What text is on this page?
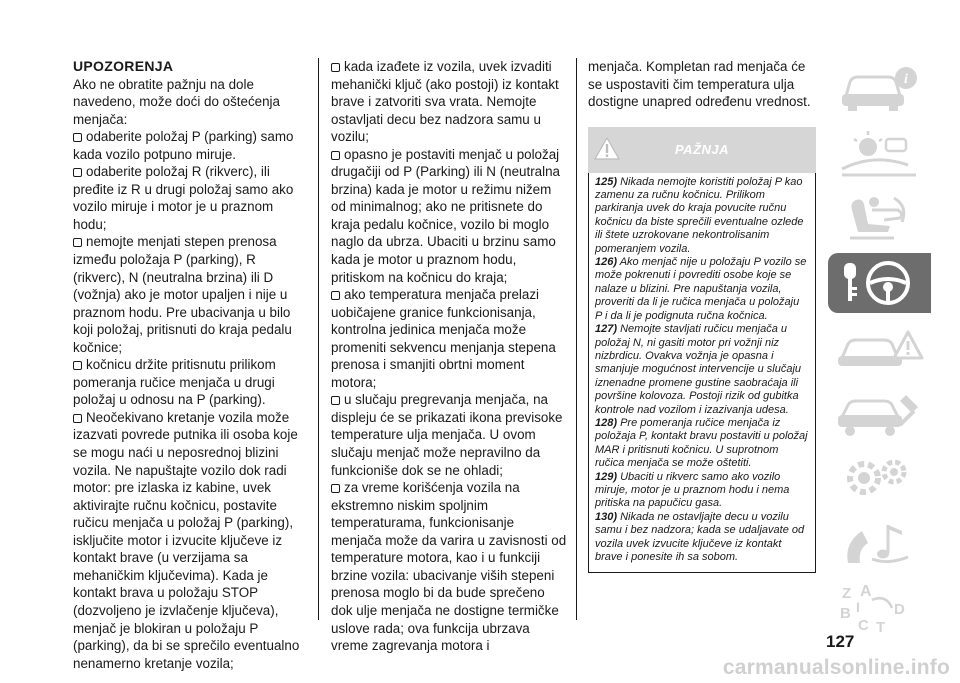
UPOZORENJA

Ako ne obratite pažnju na dole navedeno, može doći do oštećenja menjača:

odaberite položaj P (parking) samo kada vozilo potpuno miruje.

odaberite položaj R (rikverc), ili pređite iz R u drugi položaj samo ako vozilo miruje i motor je u praznom hodu;

nemojte menjati stepen prenosa između položaja P (parking), R (rikverc), N (neutralna brzina) ili D (vožnja) ako je motor upaljen i nije u praznom hodu. Pre ubacivanja u bilo koji položaj, pritisnuti do kraja pedalu kočnice;

kočnicu držite pritisnutu prilikom pomeranja ručice menjača u drugi položaj u odnosu na P (parking).

Neočekivano kretanje vozila može izazvati povrede putnika ili osoba koje se mogu naći u neposrednoj blizini vozila. Ne napuštajte vozilo dok radi motor: pre izlaska iz kabine, uvek aktivirajte ručnu kočnicu, postavite ručicu menjača u položaj P (parking), isključite motor i izvucite ključeve iz kontakt brave (u verzijama sa mehaničkim ključevima). Kada je kontakt brava u položaju STOP (dozvoljeno je izvlačenje ključeva), menjač je blokiran u položaju P (parking), da bi se sprečilo eventualno nenamerno kretanje vozila;

kada izađete iz vozila, uvek izvaditi mehanički ključ (ako postoji) iz kontakt brave i zatvoriti sva vrata. Nemojte ostavljati decu bez nadzora samu u vozilu;

opasno je postaviti menjač u položaj drugačiji od P (Parking) ili N (neutralna brzina) kada je motor u režimu nižem od minimalnog; ako ne pritisnete do kraja pedalu kočnice, vozilo bi moglo naglo da ubrza. Ubaciti u brzinu samo kada je motor u praznom hodu, pritiskom na kočnicu do kraja;

ako temperatura menjača prelazi uobičajene granice funkcionisanja, kontrolna jedinica menjača može promeniti sekvencu menjanja stepena prenosa i smanjiti obrtni moment motora;

u slučaju pregrevanja menjača, na displeju će se prikazati ikona previsoke temperature ulja menjača. U ovom slučaju menjač može nepravilno da funkcioniše dok se ne ohladi;

za vreme korišćenja vozila na ekstremno niskim spoljnim temperaturama, funkcionisanje menjača može da varira u zavisnosti od temperature motora, kao i u funkciji brzine vozila: ubacivanje viših stepeni prenosa moglo bi da bude sprečeno dok ulje menjača ne dostigne termičke uslove rada; ova funkcija ubrzava vreme zagrevanja motora i

menjača. Kompletan rad menjača će se uspostaviti čim temperatura ulja dostigne unapred određenu vrednost.

PAŽNJA

125) Nikada nemojte koristiti položaj P kao zamenu za ručnu kočnicu. Prilikom parkiranja uvek do kraja povucite ručnu kočnicu da biste sprečili eventualne ozlede ili štete uzrokovane nekontrolisanim pomeranjem vozila.

126) Ako menjač nije u položaju P vozilo se može pokrenuti i povrediti osobe koje se nalaze u blizini. Pre napuštanja vozila, proveriti da li je ručica menjača u položaju P i da li je podignuta ručna kočnica.

127) Nemojte stavljati ručicu menjača u položaj N, ni gasiti motor pri vožnji niz nizbrdicu. Ovakva vožnja je opasna i smanjuje mogućnost intervencije u slučaju iznenadne promene gustine saobraćaja ili površine kolovoza. Postoji rizik od gubitka kontrole nad vozilom i izazivanja udesa.

128) Pre pomeranja ručice menjača iz položaja P, kontakt bravu postaviti u položaj MAR i pritisnuti kočnicu. U suprotnom ručica menjača se može oštetiti.

129) Ubaciti u rikverc samo ako vozilo miruje, motor je u praznom hodu i nema pritiska na papučicu gasa.

130) Nikada ne ostavljajte decu u vozilu samu i bez nadzora; kada se udaljavate od vozila uvek izvucite ključeve iz kontakt brave i ponesite ih sa sobom.

i
Z A
B
C
D
I
T
127
carmanualsonline.info
